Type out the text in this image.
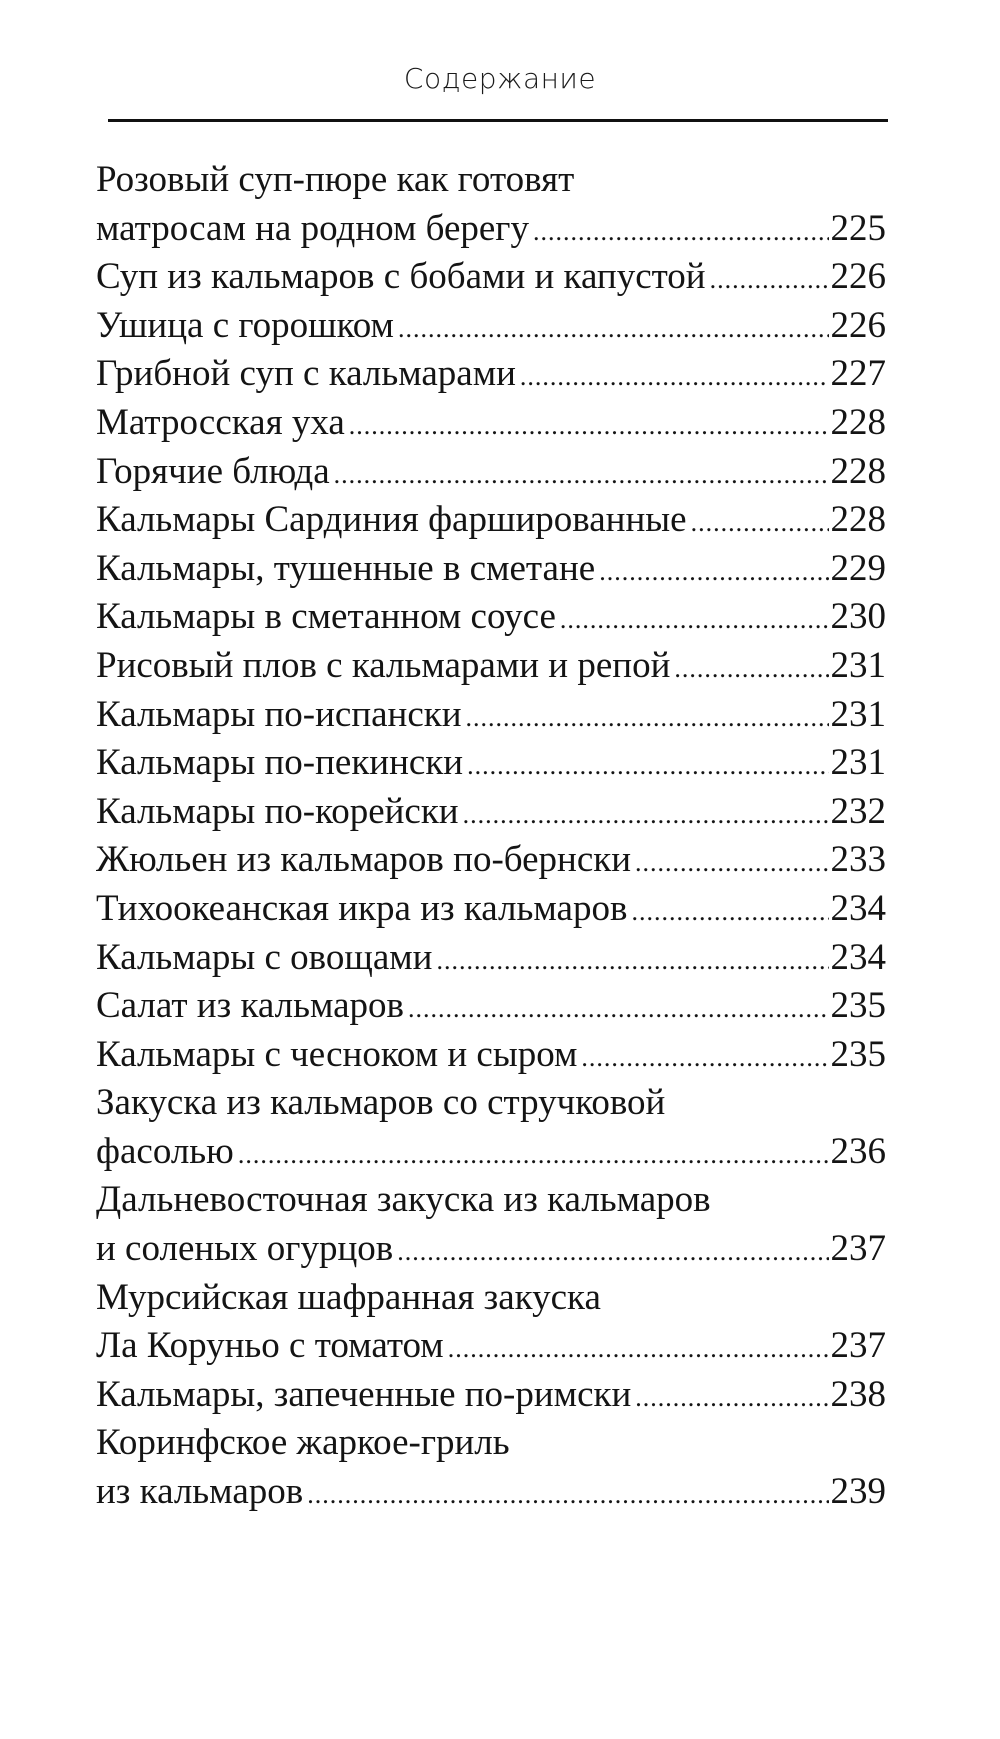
Содержание
Розовый суп-пюре как готовят
матросам на родном берегу .....	225
Суп из кальмаров с бобами и капустой .....	226
Ушица с горошком .....	226
Грибной суп с кальмарами .....	227
Матросская уха .....	228
Горячие блюда .....	228
Кальмары Сардиния фаршированные .....	228
Кальмары, тушенные в сметане .....	229
Кальмары в сметанном соусе .....	230
Рисовый плов с кальмарами и репой .....	231
Кальмары по-испански .....	231
Кальмары по-пекински .....	231
Кальмары по-корейски .....	232
Жюльен из кальмаров по-бернски .....	233
Тихоокеанская икра из кальмаров .....	234
Кальмары с овощами .....	234
Салат из кальмаров .....	235
Кальмары с чесноком и сыром .....	235
Закуска из кальмаров со стручковой
фасолью .....	236
Дальневосточная закуска из кальмаров
и соленых огурцов .....	237
Мурсийская шафранная закуска
Ла Коруньо с томатом .....	237
Кальмары, запеченные по-римски .....	238
Коринфское жаркое-гриль
из кальмаров .....	239
